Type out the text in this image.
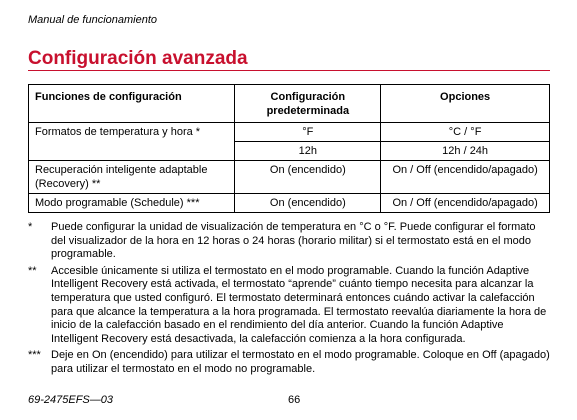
Manual de funcionamiento
Configuración avanzada
Funciones de configuración	Configuración predeterminada	Opciones
Formatos de temperatura y hora *	°F	°C / °F
	12h	12h / 24h
Recuperación inteligente adaptable (Recovery) **	On (encendido)	On / Off (encendido/apagado)
Modo programable (Schedule) ***	On (encendido)	On / Off (encendido/apagado)
*	Puede configurar la unidad de visualización de temperatura en °C o °F. Puede configurar el formato del visualizador de la hora en 12 horas o 24 horas (horario militar) si el termostato está en el modo programable.
**	Accesible únicamente si utiliza el termostato en el modo programable. Cuando la función Adaptive Intelligent Recovery está activada, el termostato “aprende” cuánto tiempo necesita para alcanzar la temperatura que usted configuró. El termostato determinará entonces cuándo activar la calefacción para que alcance la temperatura a la hora programada. El termostato reevalúa diariamente la hora de inicio de la calefacción basado en el rendimiento del día anterior. Cuando la función Adaptive Intelligent Recovery está desactivada, la calefacción comienza a la hora configurada.
*** Deje en On (encendido) para utilizar el termostato en el modo programable. Coloque en Off (apagado) para utilizar el termostato en el modo no programable.
69-2475EFS—03	66
